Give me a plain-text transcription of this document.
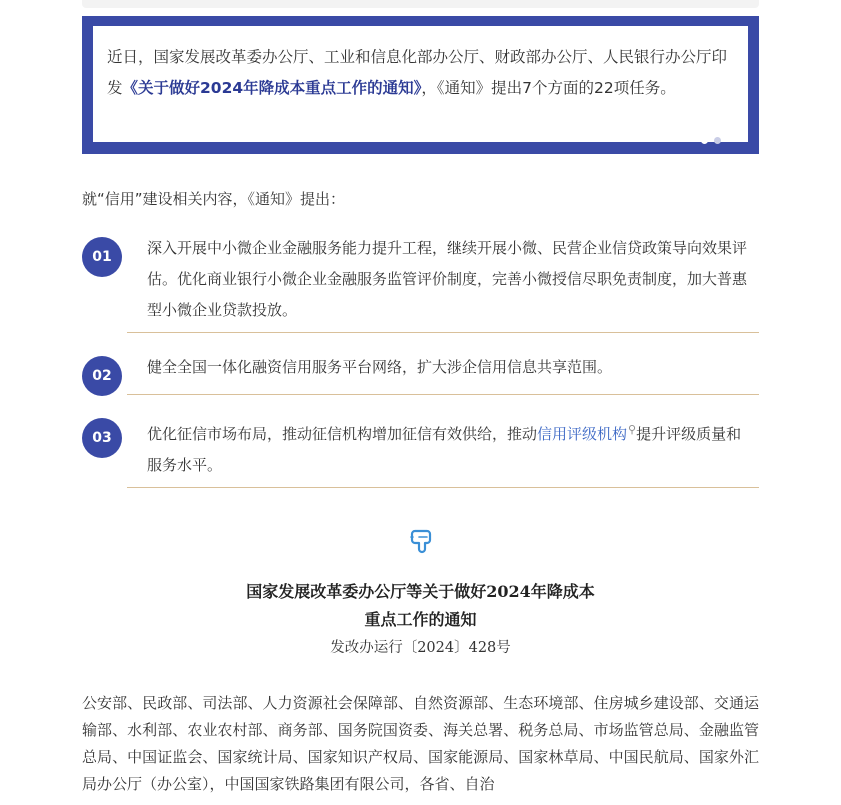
近日，国家发展改革委办公厅、工业和信息化部办公厅、财政部办公厅、人民银行办公厅印发《关于做好2024年降成本重点工作的通知》，《通知》提出7个方面的22项任务。
就“信用”建设相关内容，《通知》提出：
01	深入开展中小微企业金融服务能力提升工程，继续开展小微、民营企业信贷政策导向效果评估。优化商业银行小微企业金融服务监管评价制度，完善小微授信尽职免责制度，加大普惠型小微企业贷款投放。
02	健全全国一体化融资信用服务平台网络，扩大涉企信用信息共享范围。
03	优化征信市场布局，推动征信机构增加征信有效供给，推动信用评级机构⚲提升评级质量和服务水平。
国家发展改革委办公厅等关于做好2024年降成本
重点工作的通知
发改办运行〔2024〕428号
公安部、民政部、司法部、人力资源社会保障部、自然资源部、生态环境部、住房城乡建设部、交通运输部、水利部、农业农村部、商务部、国务院国资委、海关总署、税务总局、市场监管总局、金融监管总局、中国证监会、国家统计局、国家知识产权局、国家能源局、国家林草局、中国民航局、国家外汇局办公厅（办公室），中国国家铁路集团有限公司，各省、自治
